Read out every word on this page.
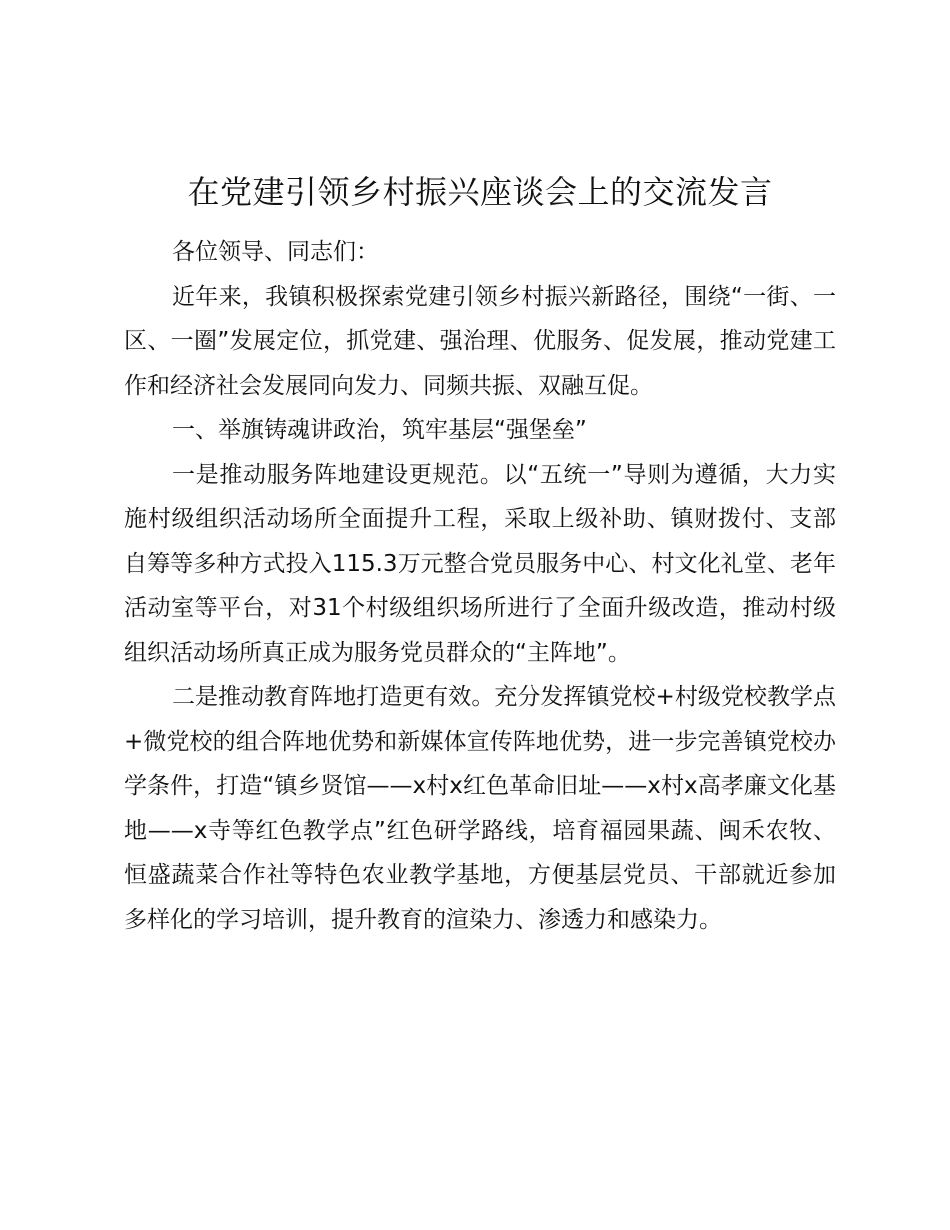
在党建引领乡村振兴座谈会上的交流发言

各位领导、同志们：

近年来，我镇积极探索党建引领乡村振兴新路径，围绕“一街、一区、一圈”发展定位，抓党建、强治理、优服务、促发展，推动党建工作和经济社会发展同向发力、同频共振、双融互促。

一、举旗铸魂讲政治，筑牢基层“强堡垒”

一是推动服务阵地建设更规范。以“五统一”导则为遵循，大力实施村级组织活动场所全面提升工程，采取上级补助、镇财拨付、支部自筹等多种方式投入115.3万元整合党员服务中心、村文化礼堂、老年活动室等平台，对31个村级组织场所进行了全面升级改造，推动村级组织活动场所真正成为服务党员群众的“主阵地”。

二是推动教育阵地打造更有效。充分发挥镇党校+村级党校教学点+微党校的组合阵地优势和新媒体宣传阵地优势，进一步完善镇党校办学条件，打造“镇乡贤馆——x村x红色革命旧址——x村x高孝廉文化基地——x寺等红色教学点”红色研学路线，培育福园果蔬、闽禾农牧、恒盛蔬菜合作社等特色农业教学基地，方便基层党员、干部就近参加多样化的学习培训，提升教育的渲染力、渗透力和感染力。
